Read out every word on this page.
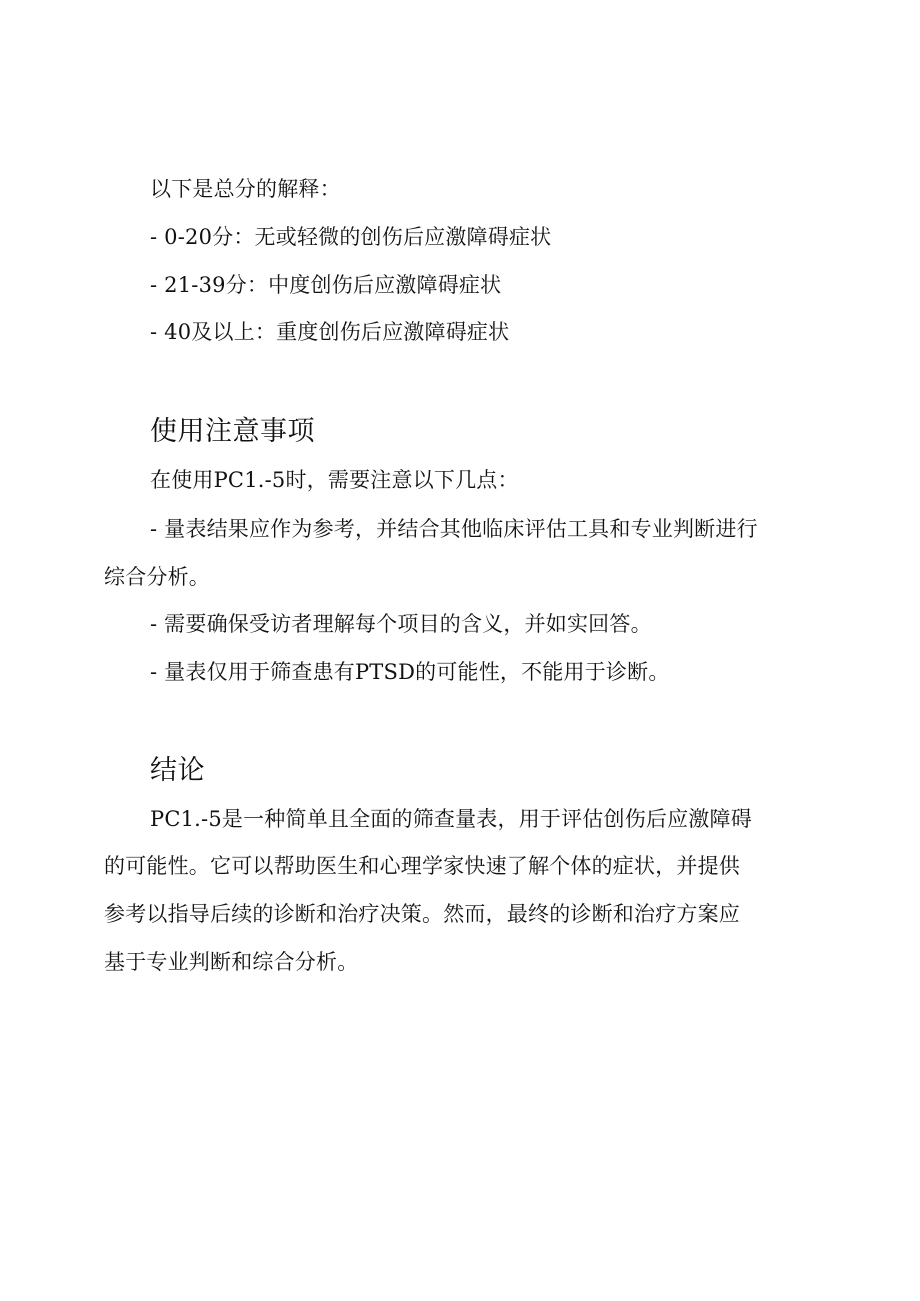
以下是总分的解释：
- 0-20分：无或轻微的创伤后应激障碍症状
- 21-39分：中度创伤后应激障碍症状
- 40及以上：重度创伤后应激障碍症状
使用注意事项
在使用PC1.-5时，需要注意以下几点：
- 量表结果应作为参考，并结合其他临床评估工具和专业判断进行
综合分析。
- 需要确保受访者理解每个项目的含义，并如实回答。
- 量表仅用于筛查患有PTSD的可能性，不能用于诊断。
结论
PC1.-5是一种简单且全面的筛查量表，用于评估创伤后应激障碍
的可能性。它可以帮助医生和心理学家快速了解个体的症状，并提供
参考以指导后续的诊断和治疗决策。然而，最终的诊断和治疗方案应
基于专业判断和综合分析。
